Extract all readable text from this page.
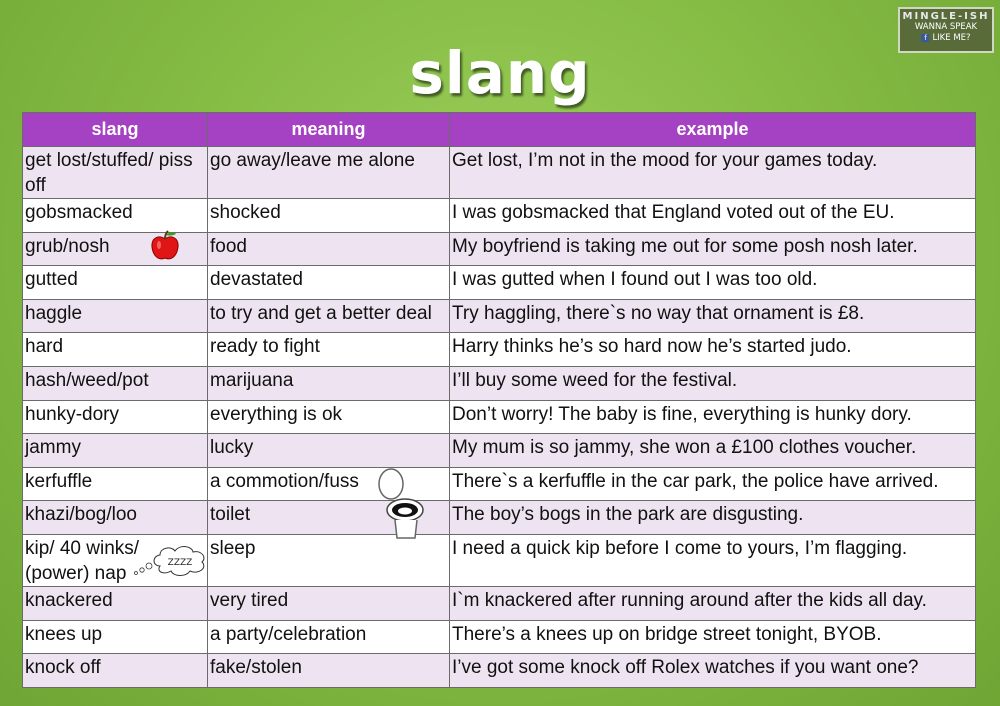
slang
MINGLE-ISH
WANNA SPEAK
f LIKE ME?
slang	meaning	example
get lost/stuffed/ piss off	go away/leave me alone	Get lost, I’m not in the mood for your games today.
gobsmacked	shocked	I was gobsmacked that England voted out of the EU.
grub/nosh	food	My boyfriend is taking me out for some posh nosh later.
gutted	devastated	I was gutted when I found out I was too old.
haggle	to try and get a better deal	Try haggling, there`s no way that ornament is £8.
hard	ready to fight	Harry thinks he’s so hard now he’s started judo.
hash/weed/pot	marijuana	I’ll buy some weed for the festival.
hunky-dory	everything is ok	Don’t worry! The baby is fine, everything is hunky dory.
jammy	lucky	My mum is so jammy, she won a £100 clothes voucher.
kerfuffle	a commotion/fuss	There`s a kerfuffle in the car park, the police have arrived.
khazi/bog/loo	toilet	The boy’s bogs in the park are disgusting.
kip/ 40 winks/ (power) nap	sleep	I need a quick kip before I come to yours, I’m flagging.
knackered	very tired	I`m knackered after running around after the kids all day.
knees up	a party/celebration	There’s a knees up on bridge street tonight, BYOB.
knock off	fake/stolen	I’ve got some knock off Rolex watches if you want one?
ZZZZ
